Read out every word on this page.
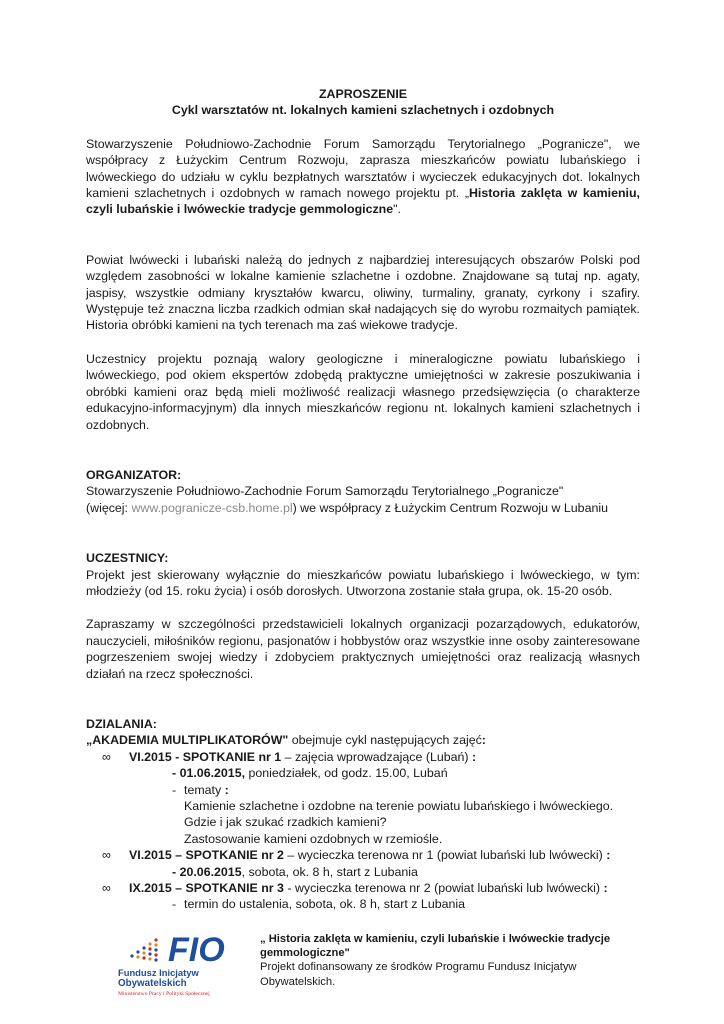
ZAPROSZENIE
Cykl warsztatów nt. lokalnych kamieni szlachetnych i ozdobnych

Stowarzyszenie Południowo-Zachodnie Forum Samorządu Terytorialnego „Pogranicze", we współpracy z Łużyckim Centrum Rozwoju, zaprasza mieszkańców powiatu lubańskiego i lwóweckiego do udziału w cyklu bezpłatnych warsztatów i wycieczek edukacyjnych dot. lokalnych kamieni szlachetnych i ozdobnych w ramach nowego projektu pt. „Historia zaklęta w kamieniu, czyli lubańskie i lwóweckie tradycje gemmologiczne".

Powiat lwówecki i lubański należą do jednych z najbardziej interesujących obszarów Polski pod względem zasobności w lokalne kamienie szlachetne i ozdobne. Znajdowane są tutaj np. agaty, jaspisy, wszystkie odmiany kryształów kwarcu, oliwiny, turmaliny, granaty, cyrkony i szafiry. Występuje też znaczna liczba rzadkich odmian skał nadających się do wyrobu rozmaitych pamiątek. Historia obróbki kamieni na tych terenach ma zaś wiekowe tradycje.

Uczestnicy projektu poznają walory geologiczne i mineralogiczne powiatu lubańskiego i lwóweckiego, pod okiem ekspertów zdobędą praktyczne umiejętności w zakresie poszukiwania i obróbki kamieni oraz będą mieli możliwość realizacji własnego przedsięwzięcia (o charakterze edukacyjno-informacyjnym) dla innych mieszkańców regionu nt. lokalnych kamieni szlachetnych i ozdobnych.

ORGANIZATOR:
Stowarzyszenie Południowo-Zachodnie Forum Samorządu Terytorialnego „Pogranicze"
(więcej: www.pogranicze-csb.home.pl) we współpracy z Łużyckim Centrum Rozwoju w Lubaniu
UCZESTNICY:

Projekt jest skierowany wyłącznie do mieszkańców powiatu lubańskiego i lwóweckiego, w tym: młodzieży (od 15. roku życia) i osób dorosłych. Utworzona zostanie stała grupa, ok. 15-20 osób.

Zapraszamy w szczególności przedstawicieli lokalnych organizacji pozarządowych, edukatorów, nauczycieli, miłośników regionu, pasjonatów i hobbystów oraz wszystkie inne osoby zainteresowane pogrzeszeniem swojej wiedzy i zdobyciem praktycznych umiejętności oraz realizacją własnych działań na rzecz społeczności.

DZIALANIA:
„AKADEMIA MULTIPLIKATORÓW" obejmuje cykl następujących zajęć:
∞ VI.2015 - SPOTKANIE nr 1 – zajęcia wprowadzające (Lubań) :
- 01.06.2015, poniedziałek, od godz. 15.00, Lubań
- tematy :
Kamienie szlachetne i ozdobne na terenie powiatu lubańskiego i lwóweckiego.
Gdzie i jak szukać rzadkich kamieni?
Zastosowanie kamieni ozdobnych w rzemiośle.
∞ VI.2015 – SPOTKANIE nr 2 – wycieczka terenowa nr 1 (powiat lubański lub lwówecki) :
- 20.06.2015, sobota, ok. 8 h, start z Lubania
∞ IX.2015 – SPOTKANIE nr 3 - wycieczka terenowa nr 2 (powiat lubański lub lwówecki) :
- termin do ustalenia, sobota, ok. 8 h, start z Lubania
FIO
Fundusz Inicjatyw
Obywatelskich
Ministerstwo Pracy i Polityki Społecznej
„ Historia zaklęta w kamieniu, czyli lubańskie i lwóweckie tradycje gemmologiczne"
Projekt dofinansowany ze środków Programu Fundusz Inicjatyw Obywatelskich.
